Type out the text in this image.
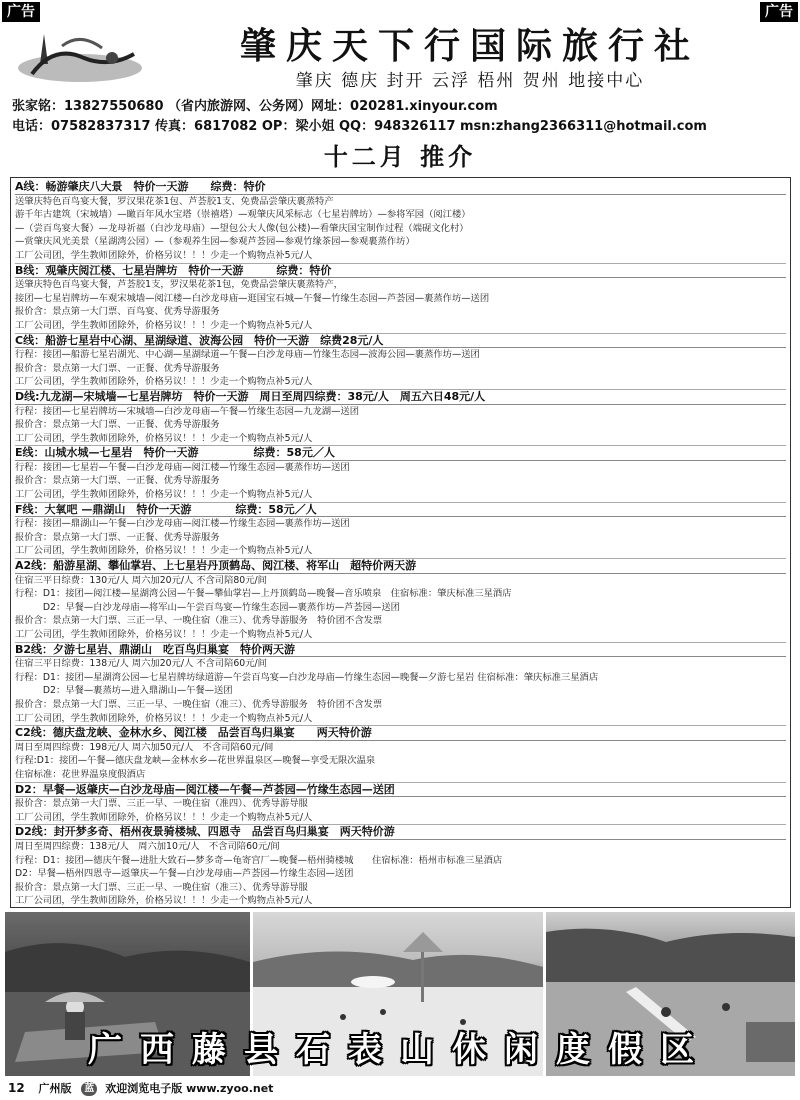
广告	广告
肇庆天下行国际旅行社
肇庆 德庆 封开 云浮 梧州 贺州 地接中心
张家铭：13827550680 （省内旅游网、公务网）网址：020281.xinyour.com
电话：07582837317 传真：6817082 OP：梁小姐 QQ：948326117 msn:zhang2366311@hotmail.com
十二月 推介
A线：畅游肇庆八大景　特价一天游　　综费：特价
送肇庆特色百鸟宴大餐，罗汉果花茶1包、芦荟胶1支、免费品尝肇庆裹蒸特产
游千年古建筑（宋城墙）—瞰百年风水宝塔（崇禧塔）—观肇庆风采标志（七星岩牌坊）—参将军园（阅江楼）
—（尝百鸟宴大餐）—龙母祈福（白沙龙母庙）—望包公大人像(包公楼)—看肇庆国宝制作过程（端砚文化村）
—赏肇庆风光美景（星湖湾公园）—（参观养生园—参观芦荟园—参观竹缘茶园—参观裹蒸作坊）
工厂公司团，学生教师团除外，价格另议！！！少走一个购物点补5元/人
B线：观肇庆阅江楼、七星岩牌坊　特价一天游　　　综费：特价
送肇庆特色百鸟宴大餐，芦荟胶1支，罗汉果花茶1包，免费品尝肇庆裹蒸特产，
接团—七星岩牌坊—车观宋城墙—阅江楼—白沙龙母庙—逛国宝石城—午餐—竹缘生态园—芦荟园—裹蒸作坊—送团
报价含：景点第一大门票、百鸟宴、优秀导游服务
工厂公司团，学生教师团除外，价格另议！！！少走一个购物点补5元/人
C线：船游七星岩中心湖、星湖绿道、波海公园　特价一天游　综费28元/人
行程：接团—船游七星岩湖光、中心湖—星湖绿道—午餐—白沙龙母庙—竹缘生态园—波海公园—裹蒸作坊—送团
报价含：景点第一大门票、一正餐、优秀导游服务
工厂公司团，学生教师团除外，价格另议！！！少走一个购物点补5元/人
D线:九龙湖—宋城墙—七星岩牌坊　特价一天游　周日至周四综费：38元/人　周五六日48元/人
行程：接团—七星岩牌坊—宋城墙—白沙龙母庙—午餐—竹缘生态园—九龙湖—送团
报价含：景点第一大门票、一正餐、优秀导游服务
工厂公司团，学生教师团除外，价格另议！！！少走一个购物点补5元/人
E线：山城水城—七星岩　特价一天游　　　　　综费：58元／人
行程：接团—七星岩—午餐—白沙龙母庙—阅江楼—竹缘生态园—裹蒸作坊—送团
报价含：景点第一大门票、一正餐、优秀导游服务
工厂公司团，学生教师团除外，价格另议！！！少走一个购物点补5元/人
F线：大氧吧 —鼎湖山　特价一天游　　　　综费：58元／人
行程：接团—鼎湖山—午餐—白沙龙母庙—阅江楼—竹缘生态园—裹蒸作坊—送团
报价含：景点第一大门票、一正餐、优秀导游服务
工厂公司团，学生教师团除外，价格另议！！！少走一个购物点补5元/人
A2线：船游星湖、攀仙掌岩、上七星岩丹顶鹤岛、阅江楼、将军山　超特价两天游
住宿三平日综费：130元/人 周六加20元/人 不含司陪80元/间
行程：D1：接团—阅江楼—星湖湾公园—午餐—攀仙掌岩—上丹顶鹤岛—晚餐—音乐喷泉　住宿标准：肇庆标准三星酒店
　　　D2：早餐—白沙龙母庙—将军山—午尝百鸟宴—竹缘生态园—裹蒸作坊—芦荟园—送团
报价含：景点第一大门票、三正一早、一晚住宿（准三）、优秀导游服务　特价团不含发票
工厂公司团，学生教师团除外，价格另议！！！少走一个购物点补5元/人
B2线：夕游七星岩、鼎湖山　吃百鸟归巢宴　特价两天游
住宿三平日综费：138元/人 周六加20元/人 不含司陪60元/间
行程：D1：接团—星湖湾公园—七星岩牌坊绿道游—午尝百鸟宴—白沙龙母庙—竹缘生态园—晚餐—夕游七星岩 住宿标准：肇庆标准三星酒店
　　　D2：早餐—裹蒸坊—进入鼎湖山—午餐—送团
报价含：景点第一大门票、三正一早、一晚住宿（准三）、优秀导游服务　特价团不含发票
工厂公司团，学生教师团除外，价格另议！！！少走一个购物点补5元/人
C2线：德庆盘龙峡、金林水乡、阅江楼　品尝百鸟归巢宴　　两天特价游
周日至周四综费：198元/人 周六加50元/人　不含司陪60元/间
行程:D1：接团—午餐—德庆盘龙峡—金林水乡—花世界温泉区—晚餐—享受无限次温泉
住宿标准：花世界温泉度假酒店
D2：早餐—返肇庆—白沙龙母庙—阅江楼—午餐—芦荟园—竹缘生态园—送团
报价含：景点第一大门票、三正一早、一晚住宿（准四）、优秀导游导服
工厂公司团，学生教师团除外，价格另议！！！少走一个购物点补5元/人
D2线：封开梦多奇、梧州夜景骑楼城、四恩寺　品尝百鸟归巢宴　两天特价游
周日至周四综费：138元/人　周六加10元/人　不含司陪60元/间
行程：D1：接团—德庆午餐—进肚大致石—梦多奇—龟寄宫厂—晚餐—梧州骑楼城　　住宿标准：梧州市标准三星酒店
D2：早餐—梧州四恩寺—返肇庆—午餐—白沙龙母庙—芦荟园—竹缘生态园—送团
报价含：景点第一大门票、三正一早、一晚住宿（准三）、优秀导游导服
工厂公司团，学生教师团除外，价格另议！！！少走一个购物点补5元/人
广西藤县石表山休闲度假区
12 广州版 蓝 欢迎浏览电子版 www.zyoo.net
